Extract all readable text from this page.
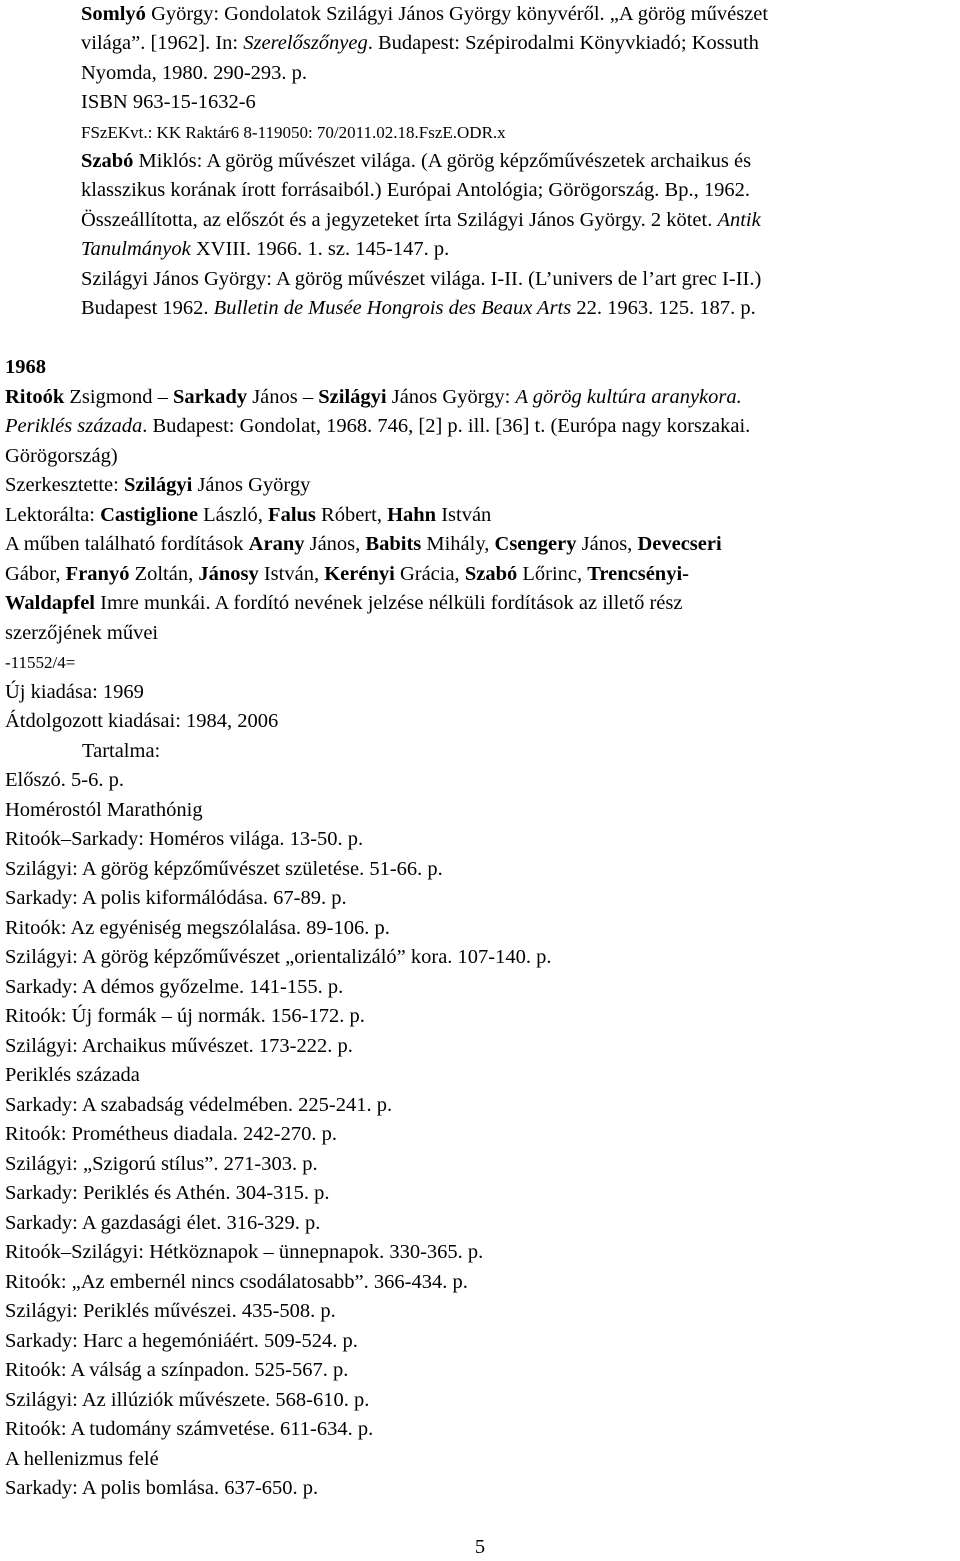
Somlyó György: Gondolatok Szilágyi János György könyvéről. „A görög művészet
világa”. [1962]. In: Szerelőszőnyeg. Budapest: Szépirodalmi Könyvkiadó; Kossuth
Nyomda, 1980. 290-293. p.
ISBN 963-15-1632-6
FSzEKvt.: KK Raktár6 8-119050: 70/2011.02.18.FszE.ODR.x
Szabó Miklós: A görög művészet világa. (A görög képzőművészetek archaikus és
klasszikus korának írott forrásaiból.) Európai Antológia; Görögország. Bp., 1962.
Összeállította, az előszót és a jegyzeteket írta Szilágyi János György. 2 kötet. Antik
Tanulmányok XVIII. 1966. 1. sz. 145-147. p.
Szilágyi János György: A görög művészet világa. I-II. (L’univers de l’art grec I-II.)
Budapest 1962. Bulletin de Musée Hongrois des Beaux Arts 22. 1963. 125. 187. p.
1968
Ritoók Zsigmond – Sarkady János – Szilágyi János György: A görög kultúra aranykora.
Periklés százada. Budapest: Gondolat, 1968. 746, [2] p. ill. [36] t. (Európa nagy korszakai.
Görögország)
Szerkesztette: Szilágyi János György
Lektorálta: Castiglione László, Falus Róbert, Hahn István
A műben található fordítások Arany János, Babits Mihály, Csengery János, Devecseri
Gábor, Franyó Zoltán, Jánosy István, Kerényi Grácia, Szabó Lőrinc, Trencsényi-
Waldapfel Imre munkái. A fordító nevének jelzése nélküli fordítások az illető rész
szerzőjének művei
-11552/4=
Új kiadása: 1969
Átdolgozott kiadásai: 1984, 2006
Tartalma:
Előszó. 5-6. p.
Homérostól Marathónig
Ritoók–Sarkady: Homéros világa. 13-50. p.
Szilágyi: A görög képzőművészet születése. 51-66. p.
Sarkady: A polis kiformálódása. 67-89. p.
Ritoók: Az egyéniség megszólalása. 89-106. p.
Szilágyi: A görög képzőművészet „orientalizáló” kora. 107-140. p.
Sarkady: A démos győzelme. 141-155. p.
Ritoók: Új formák – új normák. 156-172. p.
Szilágyi: Archaikus művészet. 173-222. p.
Periklés százada
Sarkady: A szabadság védelmében. 225-241. p.
Ritoók: Prométheus diadala. 242-270. p.
Szilágyi: „Szigorú stílus”. 271-303. p.
Sarkady: Periklés és Athén. 304-315. p.
Sarkady: A gazdasági élet. 316-329. p.
Ritoók–Szilágyi: Hétköznapok – ünnepnapok. 330-365. p.
Ritoók: „Az embernél nincs csodálatosabb”. 366-434. p.
Szilágyi: Periklés művészei. 435-508. p.
Sarkady: Harc a hegemóniáért. 509-524. p.
Ritoók: A válság a színpadon. 525-567. p.
Szilágyi: Az illúziók művészete. 568-610. p.
Ritoók: A tudomány számvetése. 611-634. p.
A hellenizmus felé
Sarkady: A polis bomlása. 637-650. p.
5
